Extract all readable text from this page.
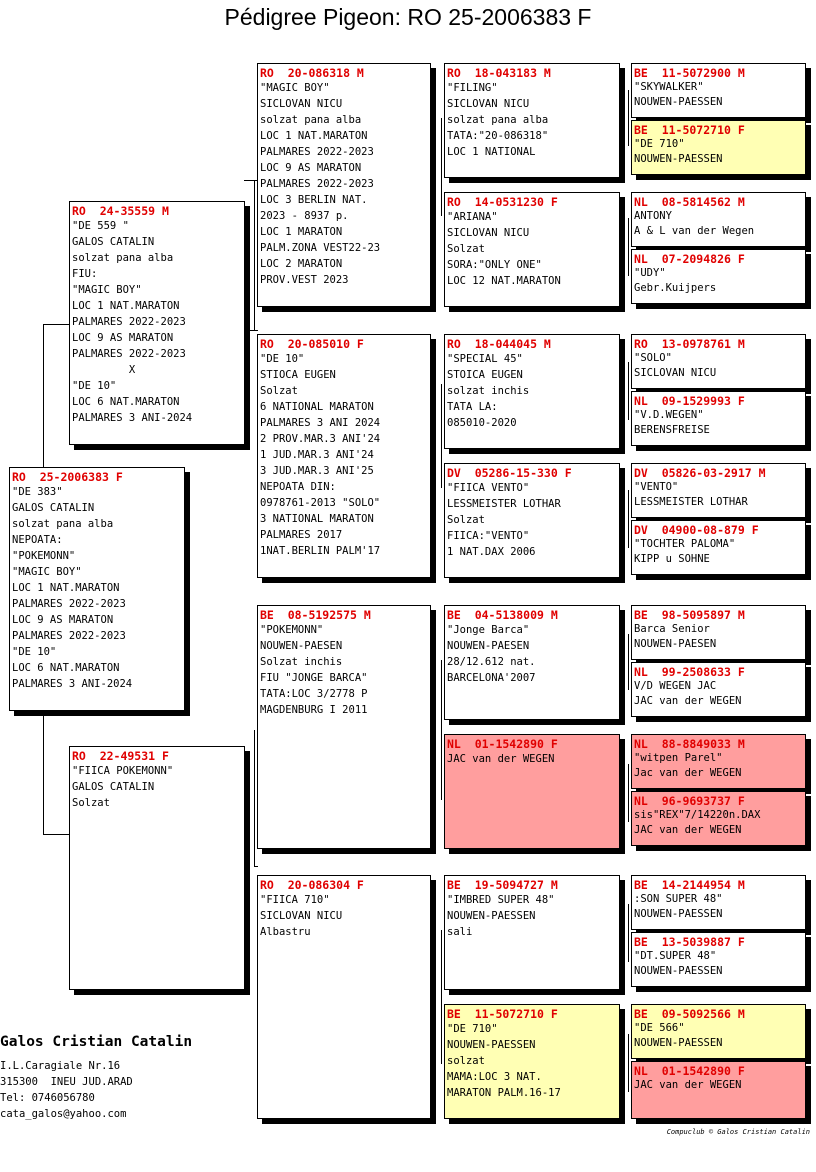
Pédigree Pigeon: RO 25-2006383 F
RO  25-2006383 F
"DE 383"
GALOS CATALIN
solzat pana alba
NEPOATA:
"POKEMONN"
"MAGIC BOY"
LOC 1 NAT.MARATON
PALMARES 2022-2023
LOC 9 AS MARATON
PALMARES 2022-2023
"DE 10"
LOC 6 NAT.MARATON
PALMARES 3 ANI-2024
RO  24-35559 M
"DE 559 "
GALOS CATALIN
solzat pana alba
FIU:
"MAGIC BOY"
LOC 1 NAT.MARATON
PALMARES 2022-2023
LOC 9 AS MARATON
PALMARES 2022-2023
X
"DE 10"
LOC 6 NAT.MARATON
PALMARES 3 ANI-2024
RO  22-49531 F
"FIICA POKEMONN"
GALOS CATALIN
Solzat
RO  20-086318 M
"MAGIC BOY"
SICLOVAN NICU
solzat pana alba
LOC 1 NAT.MARATON
PALMARES 2022-2023
LOC 9 AS MARATON
PALMARES 2022-2023
LOC 3 BERLIN NAT.
2023 - 8937 p.
LOC 1 MARATON
PALM.ZONA VEST22-23
LOC 2 MARATON
PROV.VEST 2023
RO  20-085010 F
"DE 10"
STIOCA EUGEN
Solzat
6 NATIONAL MARATON
PALMARES 3 ANI 2024
2 PROV.MAR.3 ANI'24
1 JUD.MAR.3 ANI'24
3 JUD.MAR.3 ANI'25
NEPOATA DIN:
0978761-2013 "SOLO"
3 NATIONAL MARATON
PALMARES 2017
1NAT.BERLIN PALM'17
BE  08-5192575 M
"POKEMONN"
NOUWEN-PAESEN
Solzat inchis
FIU "JONGE BARCA"
TATA:LOC 3/2778 P
MAGDENBURG I 2011
RO  20-086304 F
"FIICA 710"
SICLOVAN NICU
Albastru
RO  18-043183 M
"FILING"
SICLOVAN NICU
solzat pana alba
TATA:"20-086318"
LOC 1 NATIONAL
RO  14-0531230 F
"ARIANA"
SICLOVAN NICU
Solzat
SORA:"ONLY ONE"
LOC 12 NAT.MARATON
RO  18-044045 M
"SPECIAL 45"
STOICA EUGEN
solzat inchis
TATA LA:
085010-2020
DV  05286-15-330 F
"FIICA VENTO"
LESSMEISTER LOTHAR
Solzat
FIICA:"VENTO"
1 NAT.DAX 2006
BE  04-5138009 M
"Jonge Barca"
NOUWEN-PAESEN
28/12.612 nat.
BARCELONA'2007
NL  01-1542890 F
JAC van der WEGEN
BE  19-5094727 M
"IMBRED SUPER 48"
NOUWEN-PAESSEN
sali
BE  11-5072710 F
"DE 710"
NOUWEN-PAESSEN
solzat
MAMA:LOC 3 NAT.
MARATON PALM.16-17
BE  11-5072900 M
"SKYWALKER"
NOUWEN-PAESSEN
BE  11-5072710 F
"DE 710"
NOUWEN-PAESSEN
NL  08-5814562 M
ANTONY
A & L van der Wegen
NL  07-2094826 F
"UDY"
Gebr.Kuijpers
RO  13-0978761 M
"SOLO"
SICLOVAN NICU
NL  09-1529993 F
"V.D.WEGEN"
BERENSFREISE
DV  05826-03-2917 M
"VENTO"
LESSMEISTER LOTHAR
DV  04900-08-879 F
"TOCHTER PALOMA"
KIPP u SOHNE
BE  98-5095897 M
Barca Senior
NOUWEN-PAESEN
NL  99-2508633 F
V/D WEGEN JAC
JAC van der WEGEN
NL  88-8849033 M
"witpen Parel"
Jac van der WEGEN
NL  96-9693737 F
sis"REX"7/14220n.DAX
JAC van der WEGEN
BE  14-2144954 M
:SON SUPER 48"
NOUWEN-PAESSEN
BE  13-5039887 F
"DT.SUPER 48"
NOUWEN-PAESSEN
BE  09-5092566 M
"DE 566"
NOUWEN-PAESSEN
NL  01-1542890 F
JAC van der WEGEN
Galos Cristian Catalin
I.L.Caragiale Nr.16
315300  INEU JUD.ARAD
Tel: 0746056780
cata_galos@yahoo.com
Compuclub © Galos Cristian Catalin
